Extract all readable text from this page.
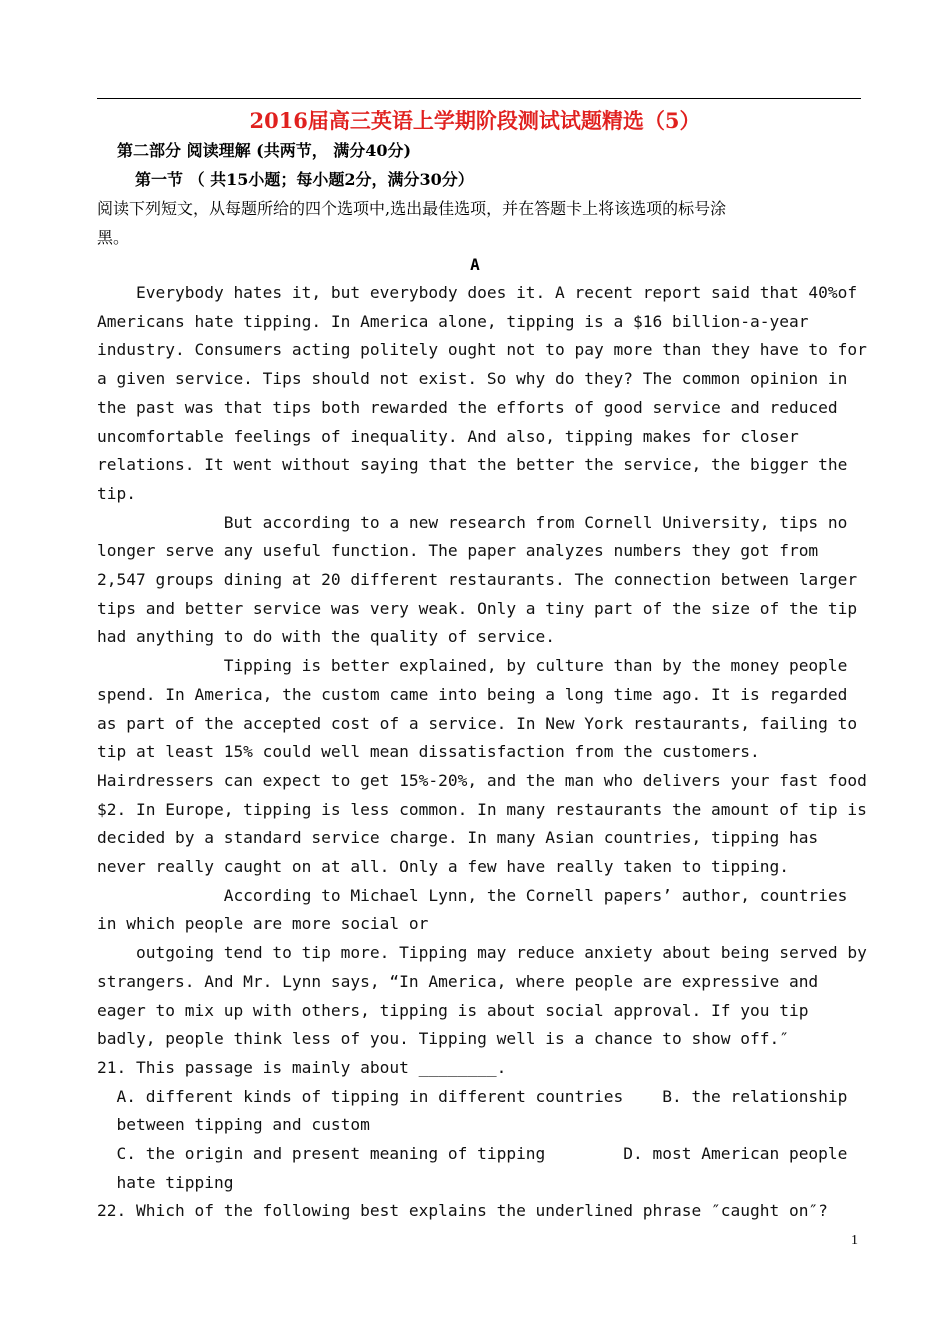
2016届高三英语上学期阶段测试试题精选（5）
第二部分 阅读理解 (共两节， 满分40分)
第一节 （ 共15小题；每小题2分，满分30分）
阅读下列短文，从每题所给的四个选项中,选出最佳选项，并在答题卡上将该选项的标号涂
黑。
A
Everybody hates it, but everybody does it. A recent report said that 40%of
Americans hate tipping. In America alone, tipping is a $16 billion-a-year
industry. Consumers acting politely ought not to pay more than they have to for
a given service. Tips should not exist. So why do they? The common opinion in
the past was that tips both rewarded the efforts of good service and reduced
uncomfortable feelings of inequality. And also, tipping makes for closer
relations. It went without saying that the better the service, the bigger the
tip.
But according to a new research from Cornell University, tips no
longer serve any useful function. The paper analyzes numbers they got from
2,547 groups dining at 20 different restaurants. The connection between larger
tips and better service was very weak. Only a tiny part of the size of the tip
had anything to do with the quality of service.
Tipping is better explained, by culture than by the money people
spend. In America, the custom came into being a long time ago. It is regarded
as part of the accepted cost of a service. In New York restaurants, failing to
tip at least 15% could well mean dissatisfaction from the customers.
Hairdressers can expect to get 15%-20%, and the man who delivers your fast food
$2. In Europe, tipping is less common. In many restaurants the amount of tip is
decided by a standard service charge. In many Asian countries, tipping has
never really caught on at all. Only a few have really taken to tipping.
According to Michael Lynn, the Cornell papers’ author, countries
in which people are more social or
outgoing tend to tip more. Tipping may reduce anxiety about being served by
strangers. And Mr. Lynn says, “In America, where people are expressive and
eager to mix up with others, tipping is about social approval. If you tip
badly, people think less of you. Tipping well is a chance to show off.″
21. This passage is mainly about ________.
A. different kinds of tipping in different countries    B. the relationship
between tipping and custom
C. the origin and present meaning of tipping        D. most American people
hate tipping
22. Which of the following best explains the underlined phrase ″caught on″?
1
